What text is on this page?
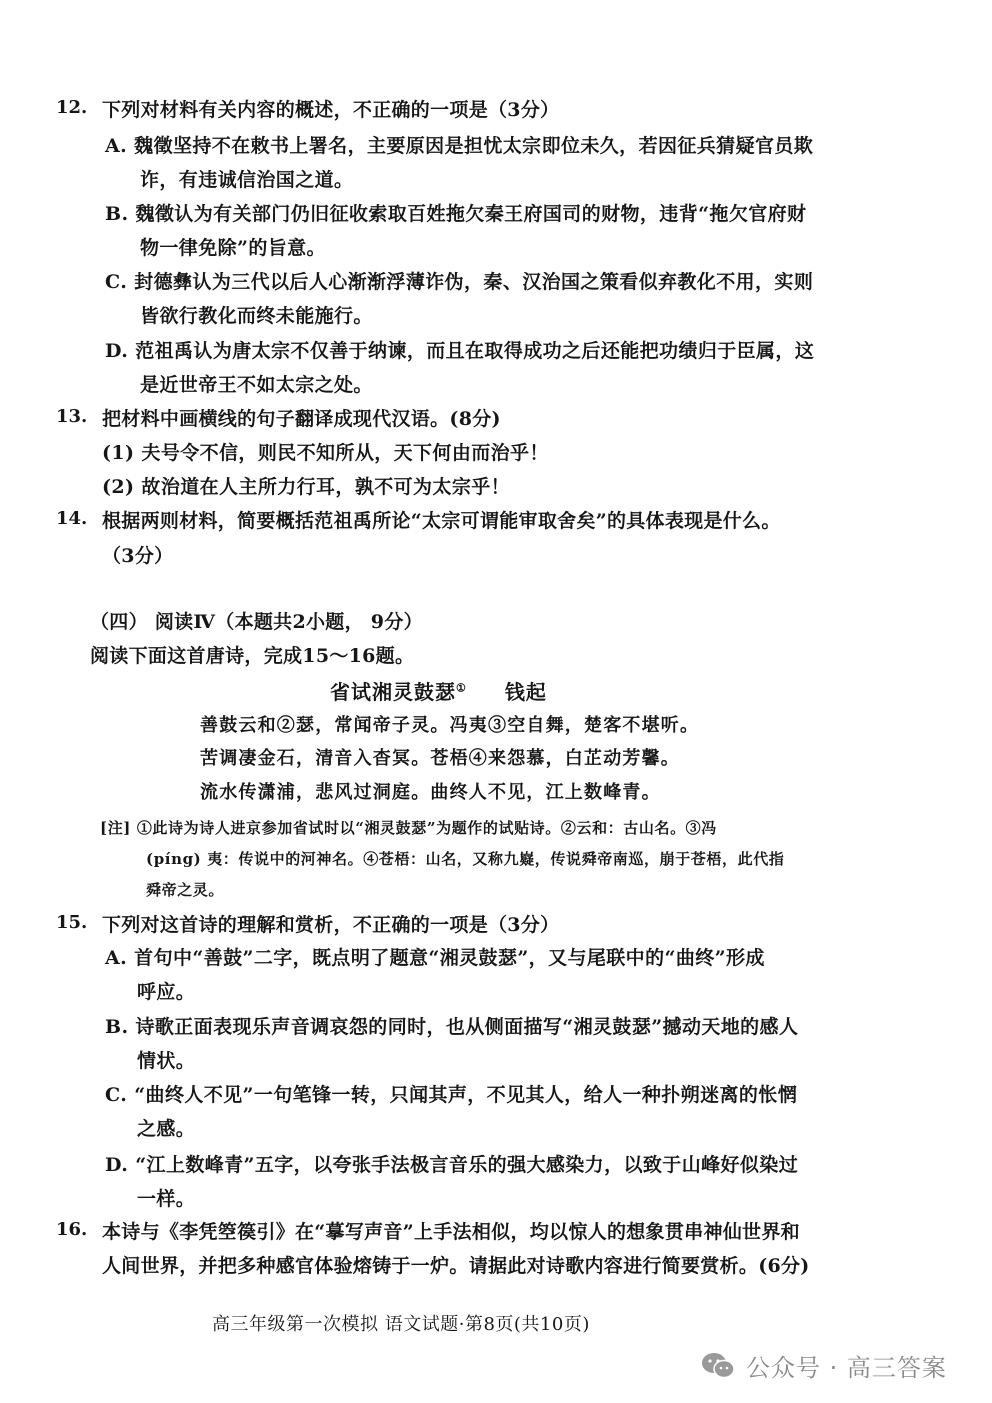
12. 下列对材料有关内容的概述，不正确的一项是（3分）
A. 魏徵坚持不在敕书上署名，主要原因是担忧太宗即位未久，若因征兵猜疑官员欺
诈，有违诚信治国之道。
B. 魏徵认为有关部门仍旧征收索取百姓拖欠秦王府国司的财物，违背“拖欠官府财
物一律免除”的旨意。
C. 封德彝认为三代以后人心渐渐浮薄诈伪，秦、汉治国之策看似弃教化不用，实则
皆欲行教化而终未能施行。
D. 范祖禹认为唐太宗不仅善于纳谏，而且在取得成功之后还能把功绩归于臣属，这
是近世帝王不如太宗之处。
13. 把材料中画横线的句子翻译成现代汉语。(8分)
(1) 夫号令不信，则民不知所从，天下何由而治乎！
(2) 故治道在人主所力行耳，孰不可为太宗乎！
14. 根据两则材料，简要概括范祖禹所论“太宗可谓能审取舍矣”的具体表现是什么。
（3分）
（四） 阅读Ⅳ（本题共2小题， 9分）
阅读下面这首唐诗，完成15～16题。
省试湘灵鼓瑟① 钱起
善鼓云和②瑟，常闻帝子灵。冯夷③空自舞，楚客不堪听。
苦调凄金石，清音入杳冥。苍梧④来怨慕，白芷动芳馨。
流水传潇浦，悲风过洞庭。曲终人不见，江上数峰青。
[注] ①此诗为诗人进京参加省试时以“湘灵鼓瑟”为题作的试贴诗。②云和：古山名。③冯
(píng) 夷：传说中的河神名。④苍梧：山名，又称九嶷，传说舜帝南巡，崩于苍梧，此代指
舜帝之灵。
15. 下列对这首诗的理解和赏析，不正确的一项是（3分）
A. 首句中“善鼓”二字，既点明了题意“湘灵鼓瑟”，又与尾联中的“曲终”形成
呼应。
B. 诗歌正面表现乐声音调哀怨的同时，也从侧面描写“湘灵鼓瑟”撼动天地的感人
情状。
C. “曲终人不见”一句笔锋一转，只闻其声，不见其人，给人一种扑朔迷离的怅惘
之感。
D. “江上数峰青”五字，以夸张手法极言音乐的强大感染力，以致于山峰好似染过
一样。
16. 本诗与《李凭箜篌引》在“摹写声音”上手法相似，均以惊人的想象贯串神仙世界和
人间世界，并把多种感官体验熔铸于一炉。请据此对诗歌内容进行简要赏析。(6分)
高三年级第一次模拟 语文试题·第8页(共10页)
公众号 · 高三答案
